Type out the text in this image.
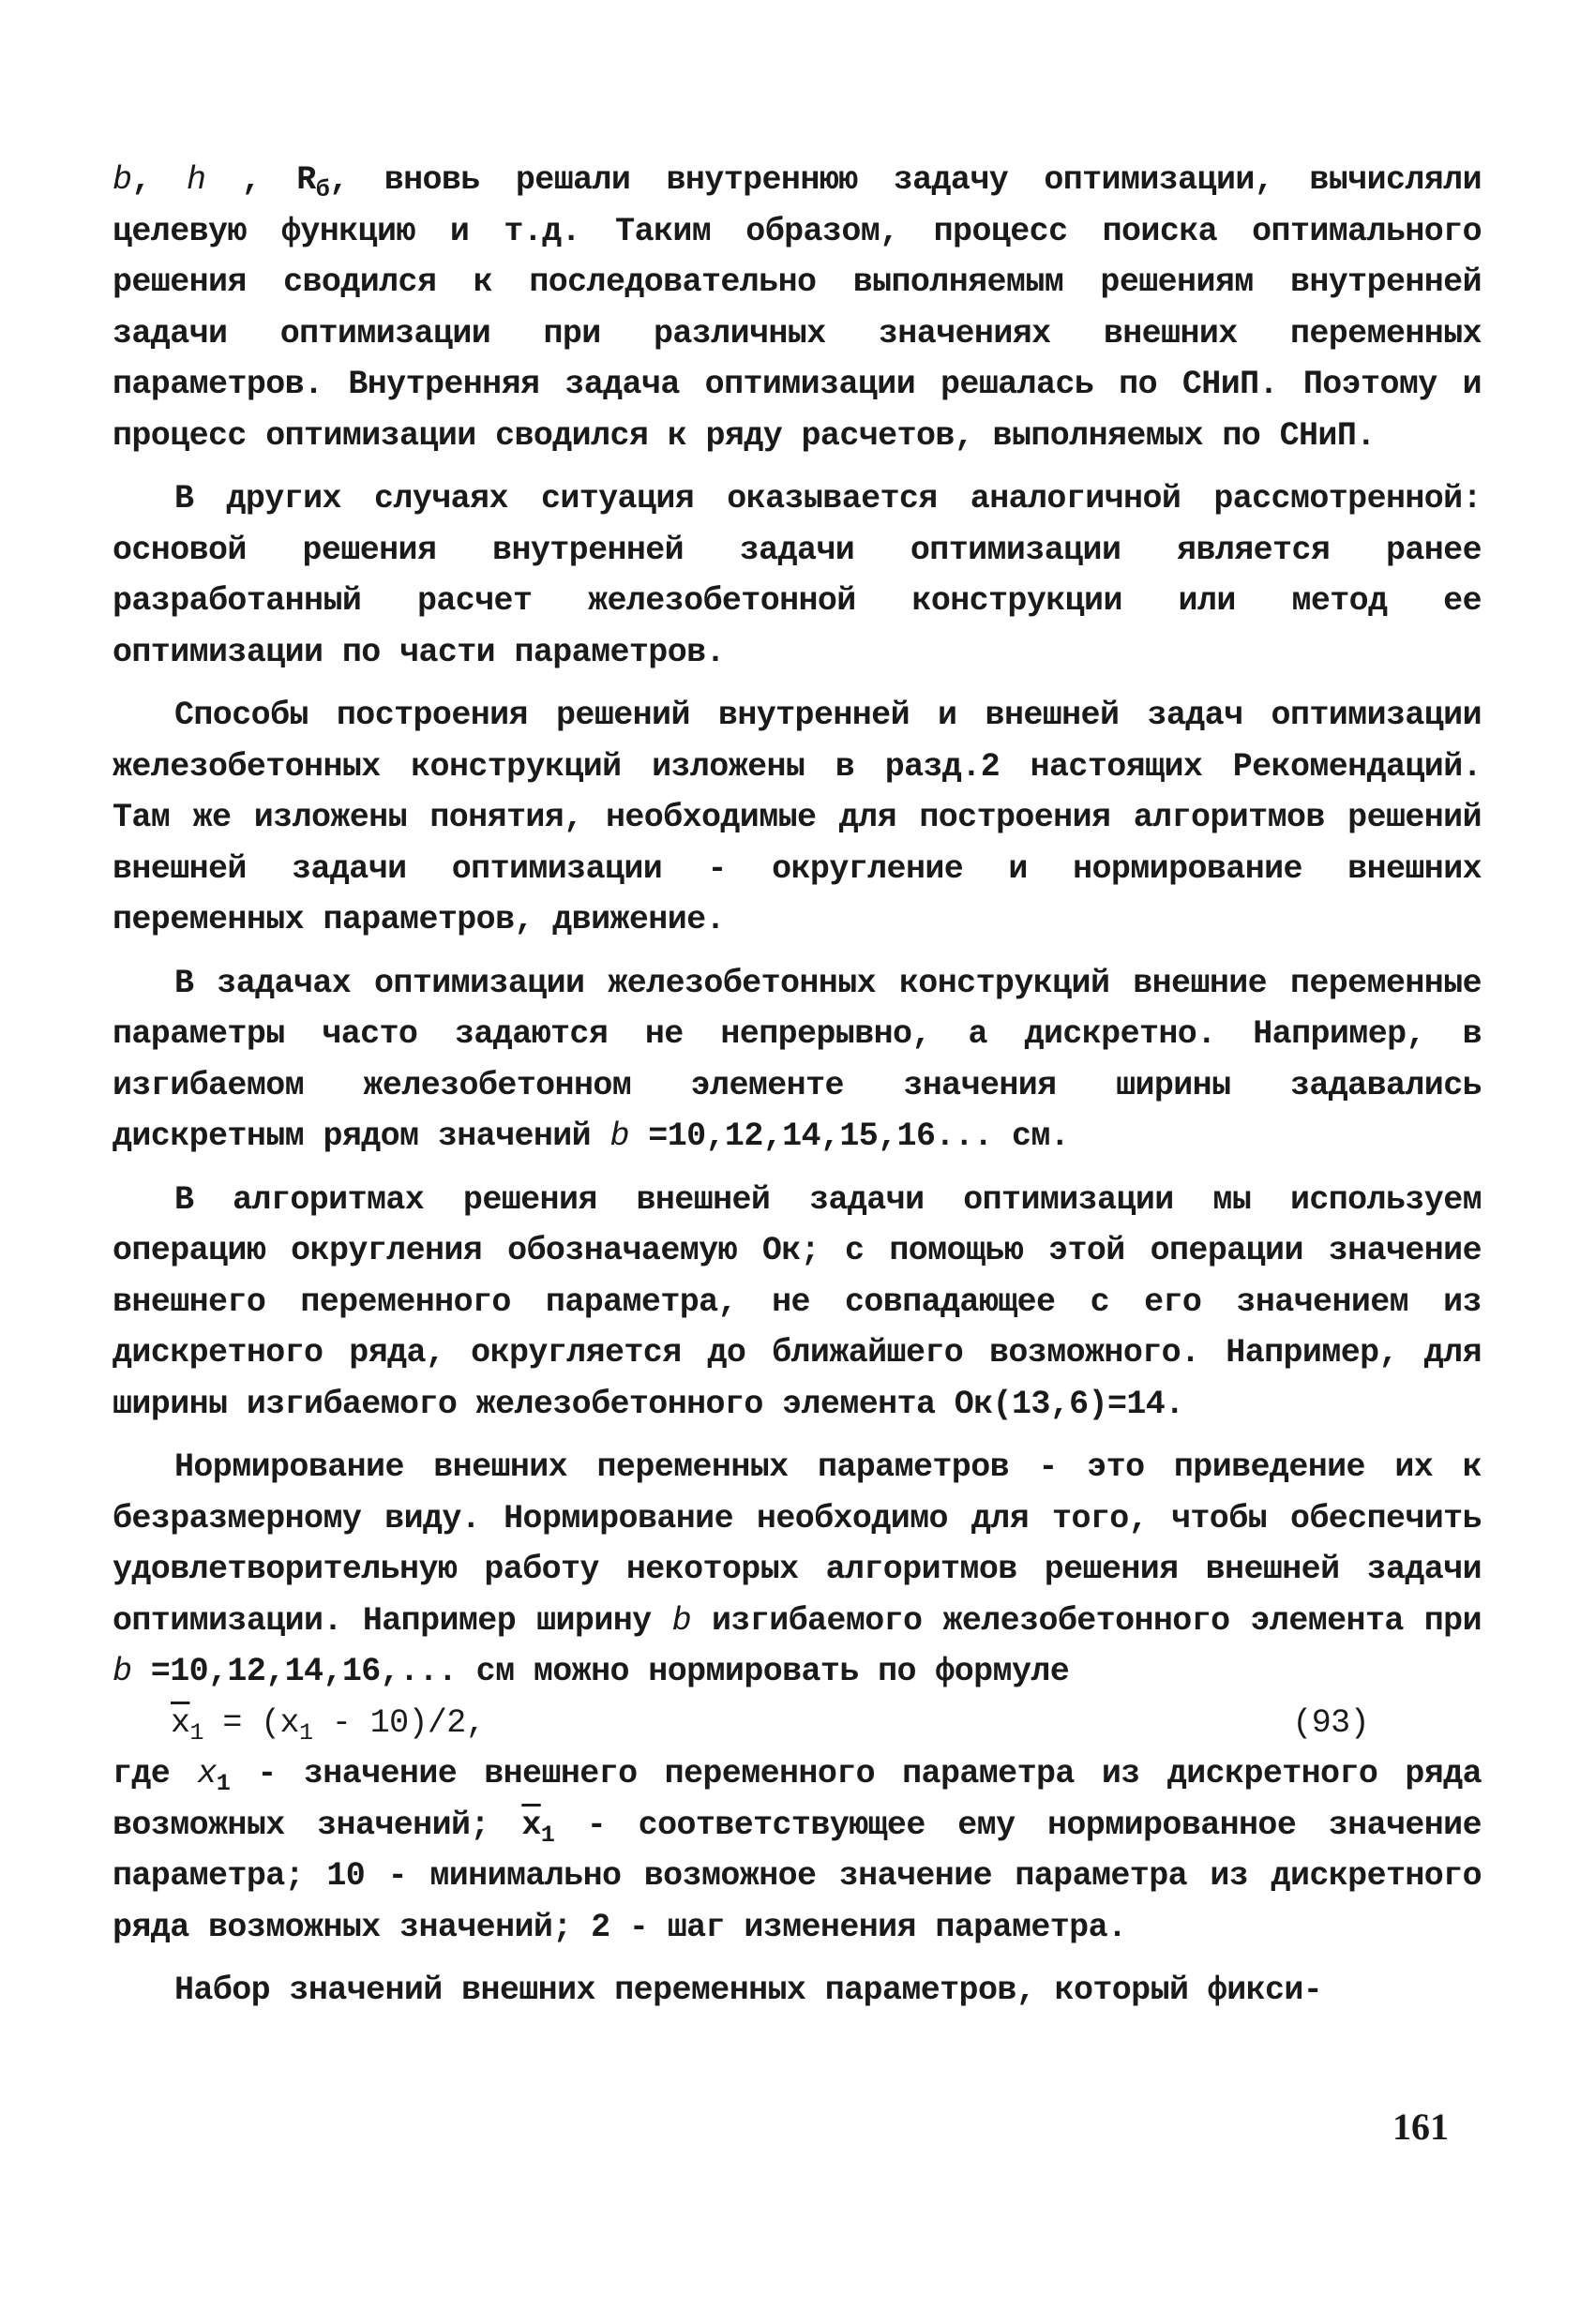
b, h , $R_б$, вновь решали внутреннюю задачу оптимизации, вычисляли целевую функцию и т.д. Таким образом, процесс поиска оптимального решения сводился к последовательно выполняемым решениям внутренней задачи оптимизации при различных значениях внешних переменных параметров. Внутренняя задача оптимизации решалась по СНиП. Поэтому и процесс оптимизации сводился к ряду расчетов, выполняемых по СНиП.

В других случаях ситуация оказывается аналогичной рассмотренной: основой решения внутренней задачи оптимизации является ранее разработанный расчет железобетонной конструкции или метод ее оптимизации по части параметров.

Способы построения решений внутренней и внешней задач оптимизации железобетонных конструкций изложены в разд.2 настоящих Рекомендаций. Там же изложены понятия, необходимые для построения алгоритмов решений внешней задачи оптимизации - округление и нормирование внешних переменных параметров, движение.

В задачах оптимизации железобетонных конструкций внешние переменные параметры часто задаются не непрерывно, а дискретно. Например, в изгибаемом железобетонном элементе значения ширины задавались дискретным рядом значений b =10,12,14,15,16... см.

В алгоритмах решения внешней задачи оптимизации мы используем операцию округления обозначаемую Ок; с помощью этой операции значение внешнего переменного параметра, не совпадающее с его значением из дискретного ряда, округляется до ближайшего возможного. Например, для ширины изгибаемого железобетонного элемента Ок(13,6)=14.

Нормирование внешних переменных параметров - это приведение их к безразмерному виду. Нормирование необходимо для того, чтобы обеспечить удовлетворительную работу некоторых алгоритмов решения внешней задачи оптимизации. Например ширину b изгибаемого железобетонного элемента при b =10,12,14,16,... см можно нормировать по формуле

$\overline{x}_1 = (x_1 - 10)/2$,	(93)

где $x_1$ - значение внешнего переменного параметра из дискретного ряда возможных значений; $\overline{x}_1$ - соответствующее ему нормированное значение параметра; 10 - минимально возможное значение параметра из дискретного ряда возможных значений; 2 - шаг изменения параметра.

Набор значений внешних переменных параметров, который фикси-

161
